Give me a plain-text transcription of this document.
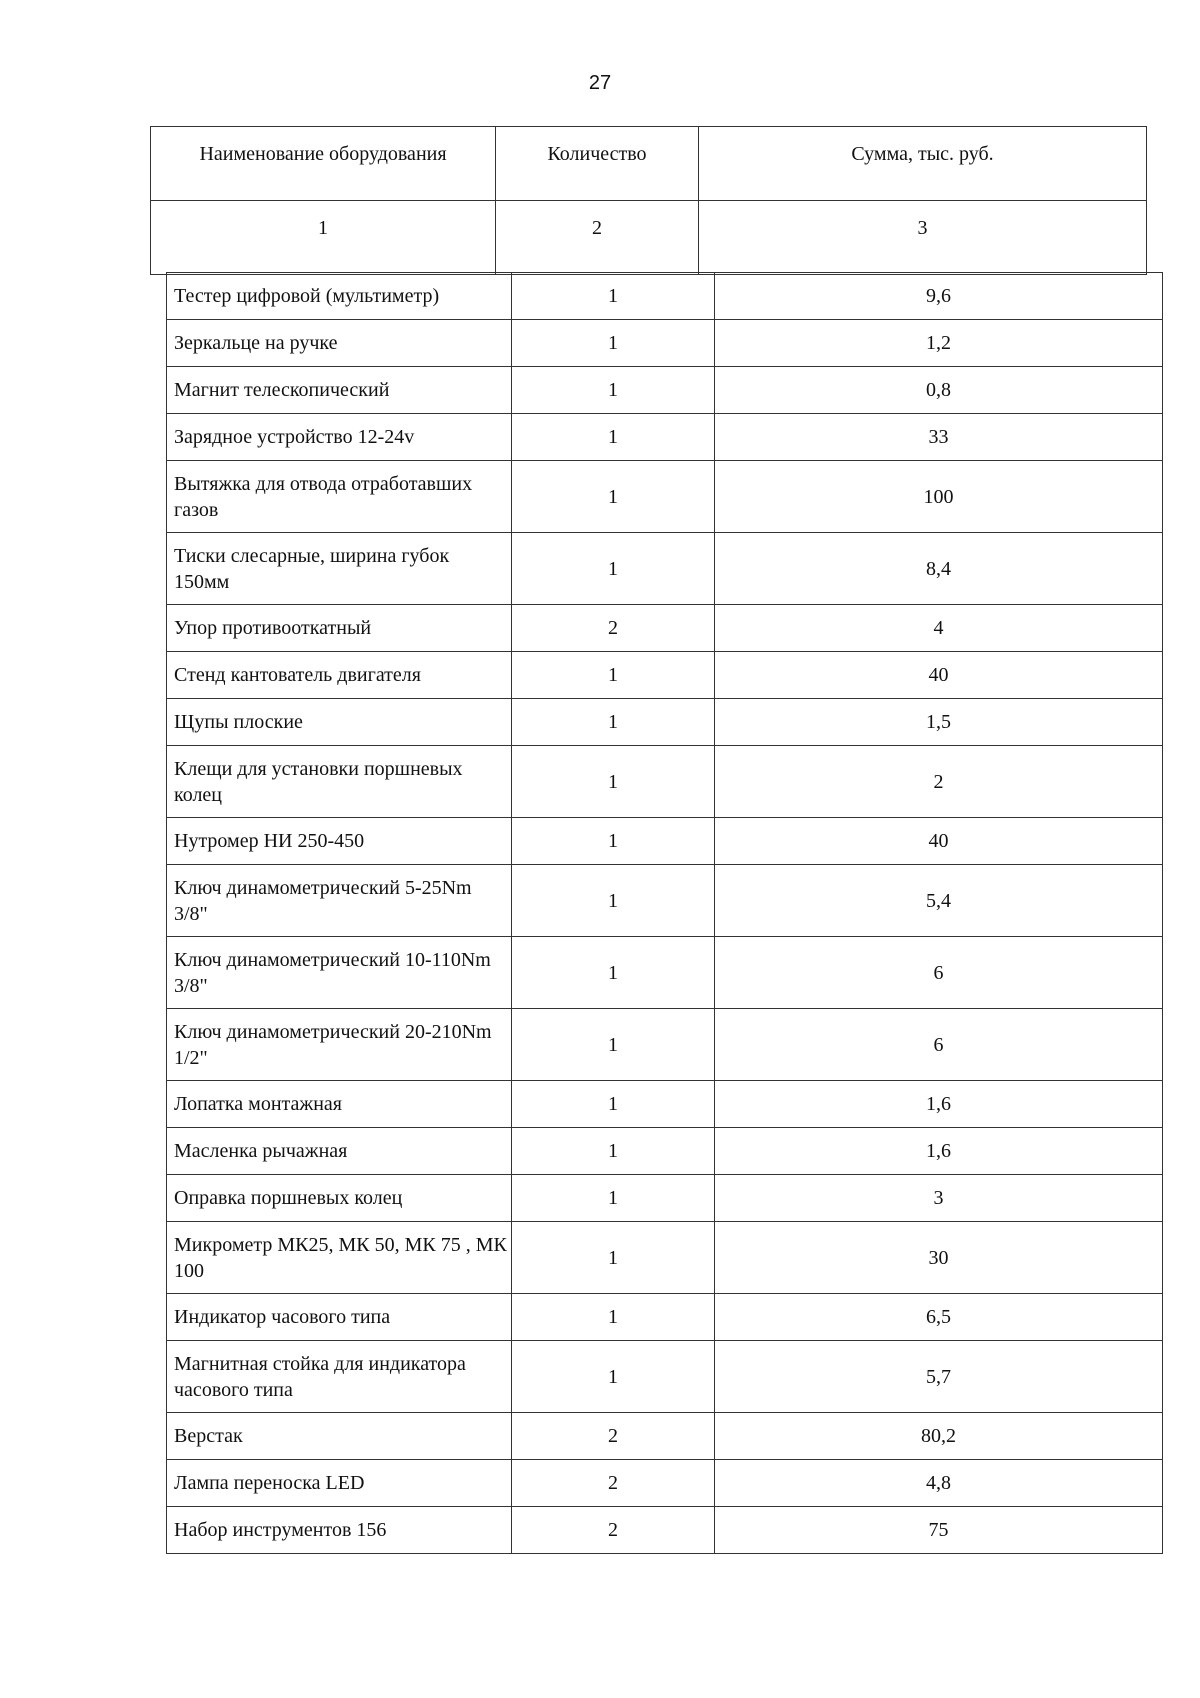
27
Наименование оборудования	Количество	Сумма, тыс. руб.
1	2	3
Тестер цифровой (мультиметр)	1	9,6
Зеркальце на ручке	1	1,2
Магнит телескопический	1	0,8
Зарядное устройство 12-24v	1	33
Вытяжка для отвода отработавших газов	1	100
Тиски слесарные, ширина губок 150мм	1	8,4
Упор противооткатный	2	4
Стенд кантователь двигателя	1	40
Щупы плоские	1	1,5
Клещи для установки поршневых колец	1	2
Нутромер НИ 250-450	1	40
Ключ динамометрический 5-25Nm 3/8"	1	5,4
Ключ динамометрический 10-110Nm 3/8"	1	6
Ключ динамометрический 20-210Nm 1/2"	1	6
Лопатка монтажная	1	1,6
Масленка рычажная	1	1,6
Оправка поршневых колец	1	3
Микрометр МК25, МК 50, МК 75 , МК 100	1	30
Индикатор часового типа	1	6,5
Магнитная стойка для индикатора часового типа	1	5,7
Верстак	2	80,2
Лампа переноска LED	2	4,8
Набор инструментов 156	2	75
